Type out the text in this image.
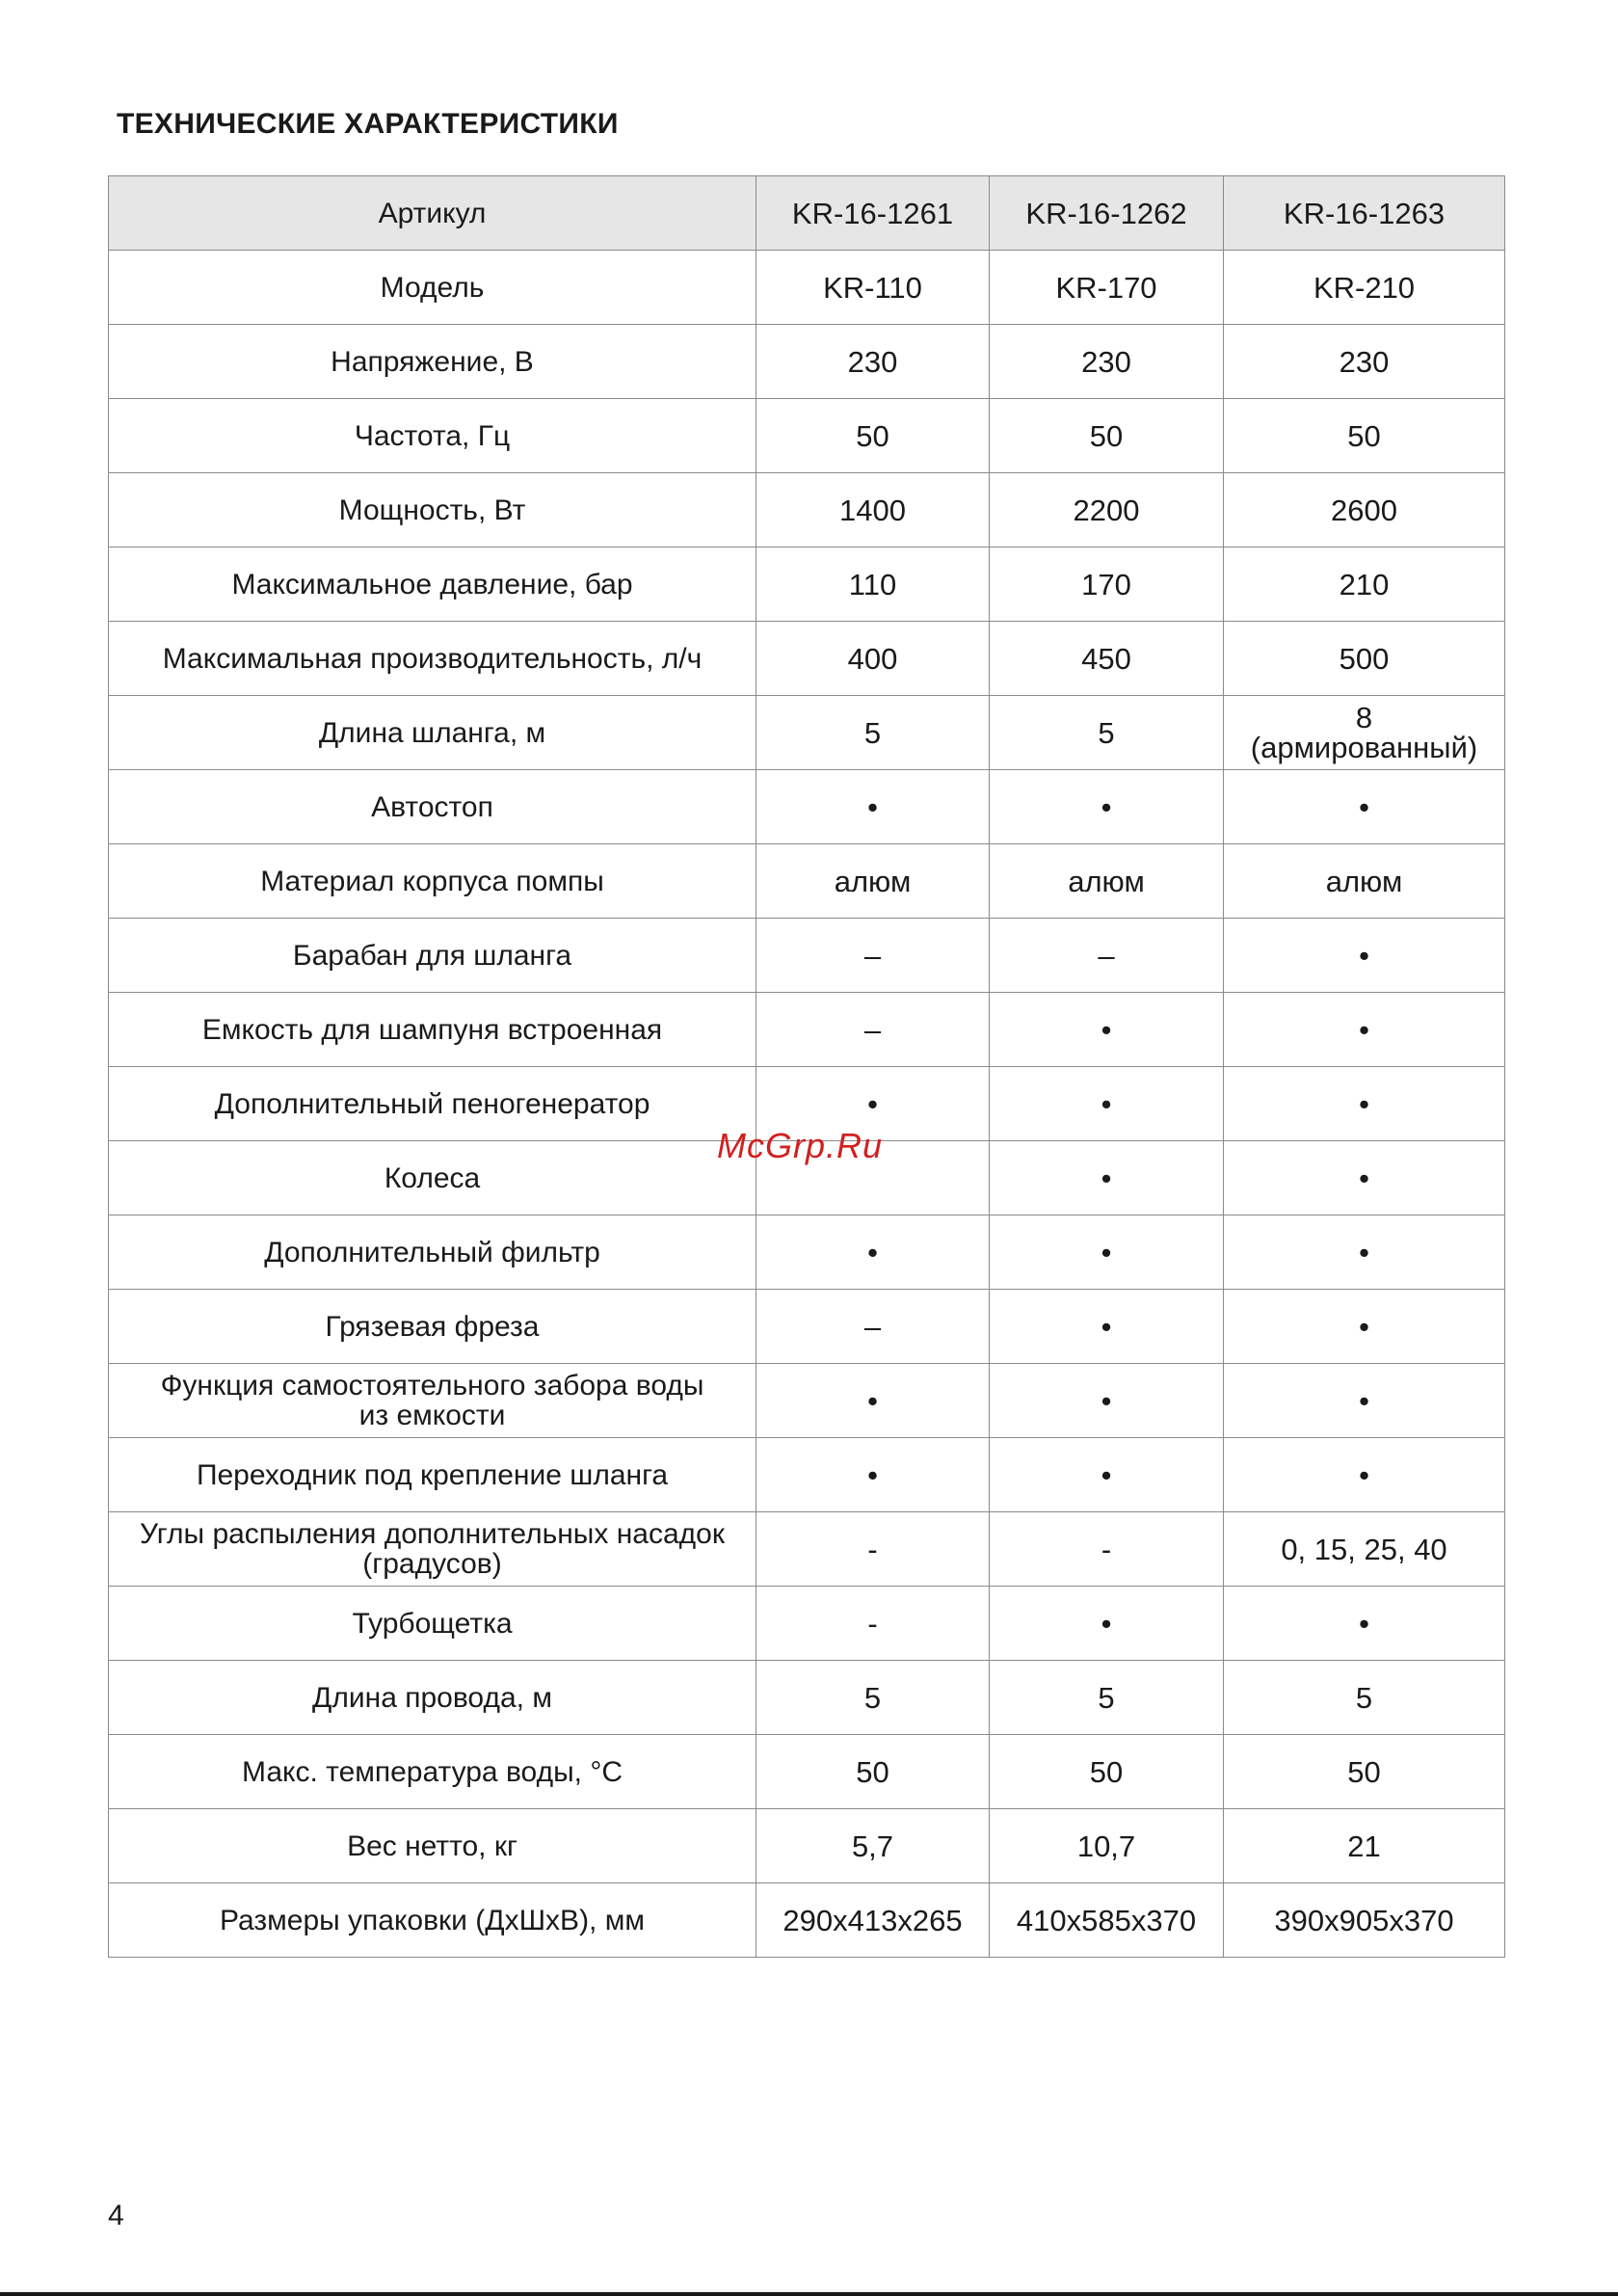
ТЕХНИЧЕСКИЕ ХАРАКТЕРИСТИКИ
Артикул	KR-16-1261	KR-16-1262	KR-16-1263
Модель	KR-110	KR-170	KR-210
Напряжение, В	230	230	230
Частота, Гц	50	50	50
Мощность, Вт	1400	2200	2600
Максимальное давление, бар	110	170	210
Максимальная производительность, л/ч	400	450	500
Длина шланга, м	5	5	8
(армированный)
Автостоп	•	•	•
Материал корпуса помпы	алюм	алюм	алюм
Барабан для шланга	–	–	•
Емкость для шампуня встроенная	–	•	•
Дополнительный пеногенератор	•	•	•
Колеса		•	•
Дополнительный фильтр	•	•	•
Грязевая фреза	–	•	•
Функция самостоятельного забора воды
из емкости	•	•	•
Переходник под крепление шланга	•	•	•
Углы распыления дополнительных насадок
(градусов)	-	-	0, 15, 25, 40
Турбощетка	-	•	•
Длина провода, м	5	5	5
Макс. температура воды, °С	50	50	50
Вес нетто, кг	5,7	10,7	21
Размеры упаковки (ДхШхВ), мм	290x413x265	410x585x370	390x905x370
McGrp.Ru
4
